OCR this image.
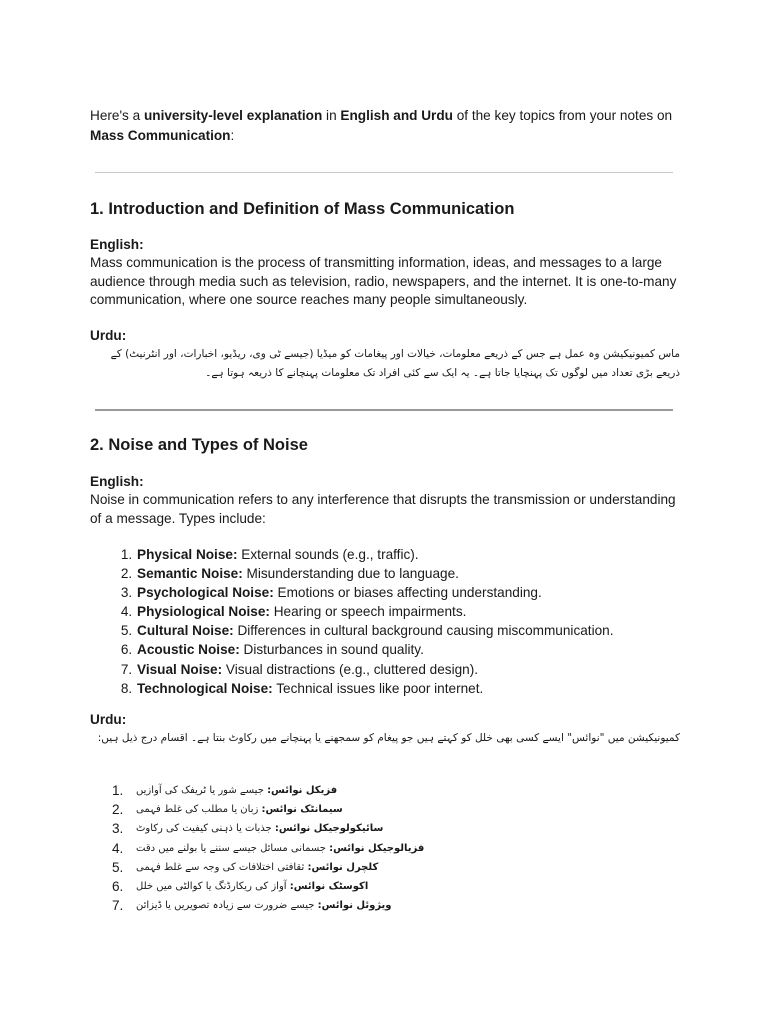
Here's a university-level explanation in English and Urdu of the key topics from your notes on Mass Communication:
1. Introduction and Definition of Mass Communication
English:
Mass communication is the process of transmitting information, ideas, and messages to a large audience through media such as television, radio, newspapers, and the internet. It is one-to-many communication, where one source reaches many people simultaneously.
Urdu:
ماس کمیونیکیشن وہ عمل ہے جس کے ذریعے معلومات، خیالات اور پیغامات کو میڈیا (جیسے ٹی وی، ریڈیو، اخبارات، اور انٹرنیٹ) کے ذریعے بڑی تعداد میں لوگوں تک پہنچایا جاتا ہے۔ یہ ایک سے کئی افراد تک معلومات پہنچانے کا ذریعہ ہوتا ہے۔
2. Noise and Types of Noise
English:
Noise in communication refers to any interference that disrupts the transmission or understanding of a message. Types include:
1. Physical Noise: External sounds (e.g., traffic).
2. Semantic Noise: Misunderstanding due to language.
3. Psychological Noise: Emotions or biases affecting understanding.
4. Physiological Noise: Hearing or speech impairments.
5. Cultural Noise: Differences in cultural background causing miscommunication.
6. Acoustic Noise: Disturbances in sound quality.
7. Visual Noise: Visual distractions (e.g., cluttered design).
8. Technological Noise: Technical issues like poor internet.
Urdu:
کمیونیکیشن میں "نوائس" ایسے کسی بھی خلل کو کہتے ہیں جو پیغام کو سمجھنے یا پہنچانے میں رکاوٹ بنتا ہے۔ اقسام درج ذیل ہیں:
1.	فزیکل نوائس: جیسے شور یا ٹریفک کی آوازیں
2.	سیمانٹک نوائس: زبان یا مطلب کی غلط فہمی
3.	سائیکولوجیکل نوائس: جذبات یا ذہنی کیفیت کی رکاوٹ
4.	فزیالوجیکل نوائس: جسمانی مسائل جیسے سننے یا بولنے میں دقت
5.	کلچرل نوائس: ثقافتی اختلافات کی وجہ سے غلط فہمی
6.	اکوسٹک نوائس: آواز کی ریکارڈنگ یا کوالٹی میں خلل
7.	ویژوئل نوائس: جیسے ضرورت سے زیادہ تصویریں یا ڈیزائن
